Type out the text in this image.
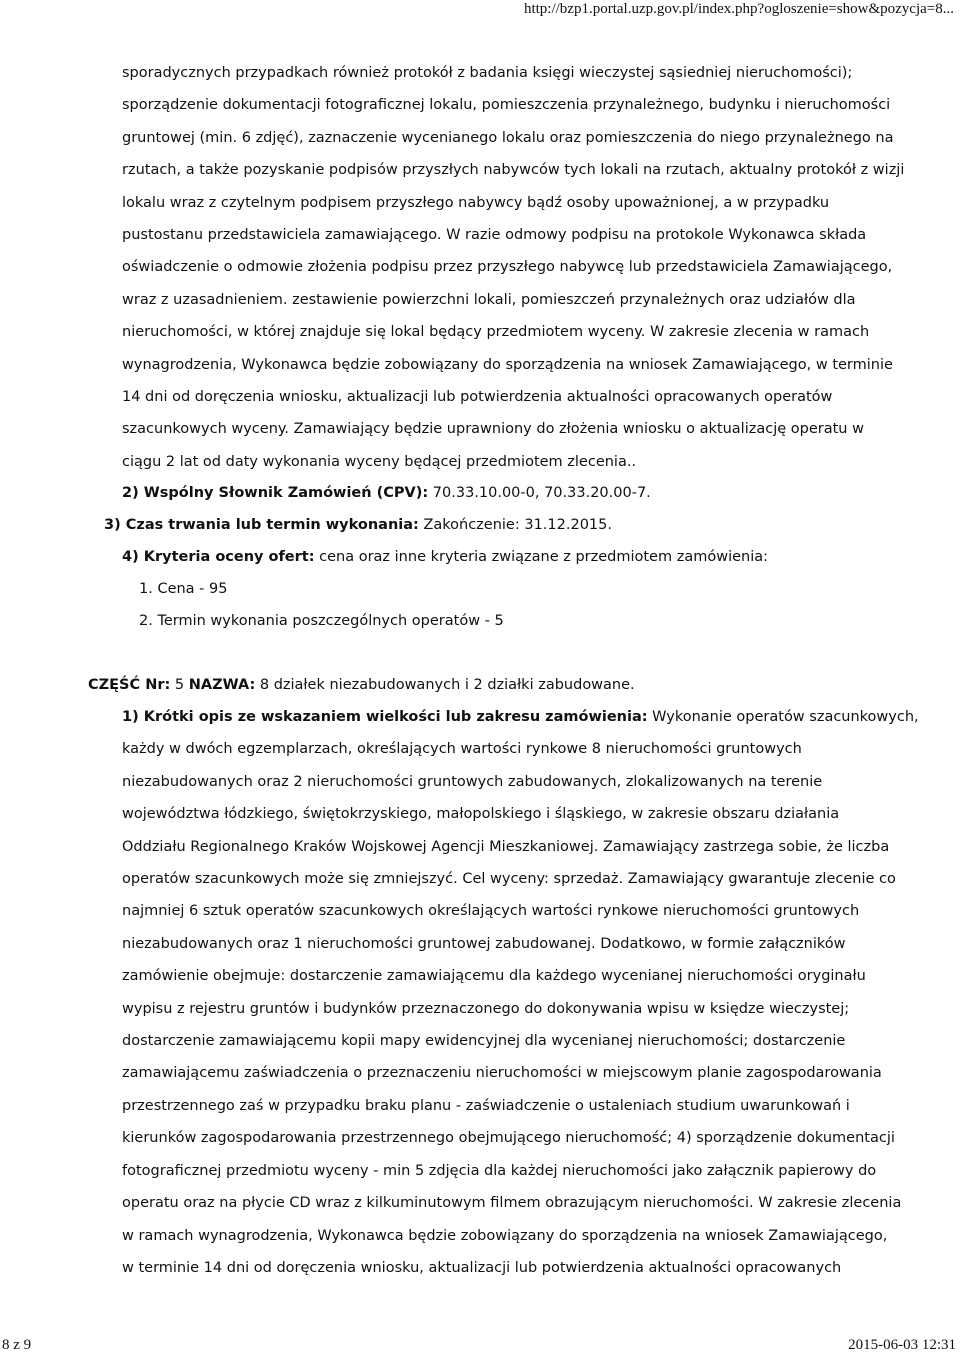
http://bzp1.portal.uzp.gov.pl/index.php?ogloszenie=show&pozycja=8...
sporadycznych przypadkach również protokół z badania księgi wieczystej sąsiedniej nieruchomości);
sporządzenie dokumentacji fotograficznej lokalu, pomieszczenia przynależnego, budynku i nieruchomości
gruntowej (min. 6 zdjęć), zaznaczenie wycenianego lokalu oraz pomieszczenia do niego przynależnego na
rzutach, a także pozyskanie podpisów przyszłych nabywców tych lokali na rzutach, aktualny protokół z wizji
lokalu wraz z czytelnym podpisem przyszłego nabywcy bądź osoby upoważnionej, a w przypadku
pustostanu przedstawiciela zamawiającego. W razie odmowy podpisu na protokole Wykonawca składa
oświadczenie o odmowie złożenia podpisu przez przyszłego nabywcę lub przedstawiciela Zamawiającego,
wraz z uzasadnieniem. zestawienie powierzchni lokali, pomieszczeń przynależnych oraz udziałów dla
nieruchomości, w której znajduje się lokal będący przedmiotem wyceny. W zakresie zlecenia w ramach
wynagrodzenia, Wykonawca będzie zobowiązany do sporządzenia na wniosek Zamawiającego, w terminie
14 dni od doręczenia wniosku, aktualizacji lub potwierdzenia aktualności opracowanych operatów
szacunkowych wyceny. Zamawiający będzie uprawniony do złożenia wniosku o aktualizację operatu w
ciągu 2 lat od daty wykonania wyceny będącej przedmiotem zlecenia..
2) Wspólny Słownik Zamówień (CPV): 70.33.10.00-0, 70.33.20.00-7.
3) Czas trwania lub termin wykonania: Zakończenie: 31.12.2015.
4) Kryteria oceny ofert: cena oraz inne kryteria związane z przedmiotem zamówienia:
1. Cena - 95
2. Termin wykonania poszczególnych operatów - 5
CZĘŚĆ Nr: 5 NAZWA: 8 działek niezabudowanych i 2 działki zabudowane.
1) Krótki opis ze wskazaniem wielkości lub zakresu zamówienia: Wykonanie operatów szacunkowych,
każdy w dwóch egzemplarzach, określających wartości rynkowe 8 nieruchomości gruntowych
niezabudowanych oraz 2 nieruchomości gruntowych zabudowanych, zlokalizowanych na terenie
województwa łódzkiego, świętokrzyskiego, małopolskiego i śląskiego, w zakresie obszaru działania
Oddziału Regionalnego Kraków Wojskowej Agencji Mieszkaniowej. Zamawiający zastrzega sobie, że liczba
operatów szacunkowych może się zmniejszyć. Cel wyceny: sprzedaż. Zamawiający gwarantuje zlecenie co
najmniej 6 sztuk operatów szacunkowych określających wartości rynkowe nieruchomości gruntowych
niezabudowanych oraz 1 nieruchomości gruntowej zabudowanej. Dodatkowo, w formie załączników
zamówienie obejmuje: dostarczenie zamawiającemu dla każdego wycenianej nieruchomości oryginału
wypisu z rejestru gruntów i budynków przeznaczonego do dokonywania wpisu w księdze wieczystej;
dostarczenie zamawiającemu kopii mapy ewidencyjnej dla wycenianej nieruchomości; dostarczenie
zamawiającemu zaświadczenia o przeznaczeniu nieruchomości w miejscowym planie zagospodarowania
przestrzennego zaś w przypadku braku planu - zaświadczenie o ustaleniach studium uwarunkowań i
kierunków zagospodarowania przestrzennego obejmującego nieruchomość; 4) sporządzenie dokumentacji
fotograficznej przedmiotu wyceny - min 5 zdjęcia dla każdej nieruchomości jako załącznik papierowy do
operatu oraz na płycie CD wraz z kilkuminutowym filmem obrazującym nieruchomości. W zakresie zlecenia
w ramach wynagrodzenia, Wykonawca będzie zobowiązany do sporządzenia na wniosek Zamawiającego,
w terminie 14 dni od doręczenia wniosku, aktualizacji lub potwierdzenia aktualności opracowanych
8 z 9	2015-06-03 12:31
